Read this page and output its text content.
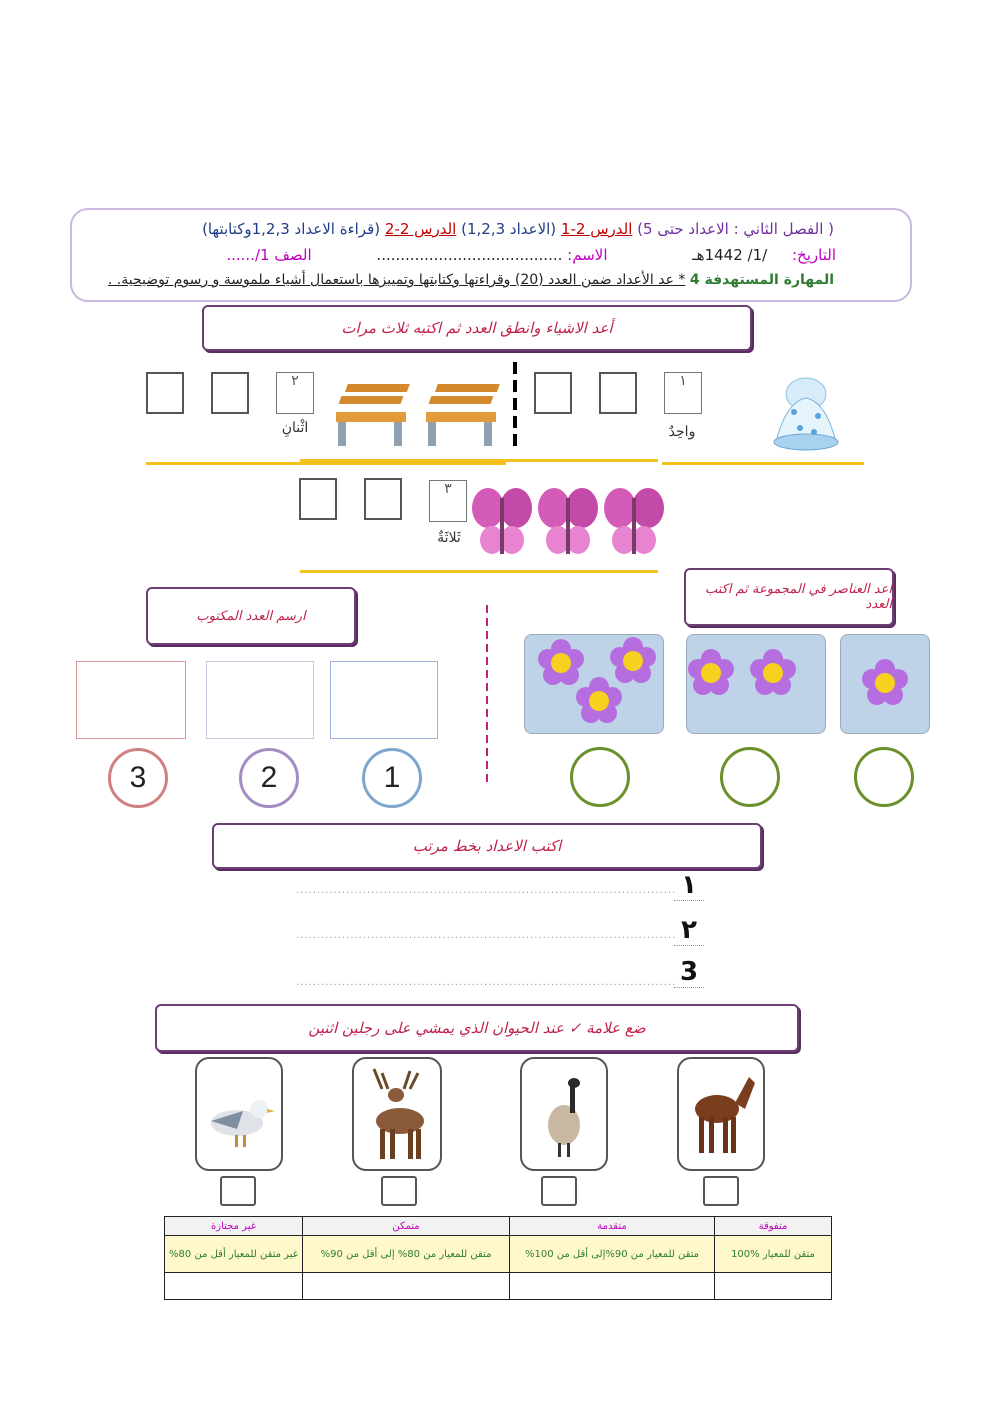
( الفصل الثاني : الاعداد حتى 5) الدرس 2-1 (الاعداد 1,2,3) الدرس 2-2 (قراءة الاعداد 1,2,3وكتابتها)
التاريخ: /1/ 1442هـ الاسم: ....................................... الصف 1/......
المهارة المستهدفة 4 * عد الأعداد ضمن العدد (20) وقراءتها وكتابتها وتمييزها باستعمال أشياء ملموسة و رسوم توضيحية. .
أعد الاشياء وانطق العدد ثم اكتبه ثلاث مرات
١
واحِدٌ
٢
اثْنانِ
٣
ثَلاثَةٌ
اعد العناصر في المجموعة ثم اكتب العدد
ارسم العدد المكتوب
1
2
3
اكتب الاعداد بخط مرتب
١
٢
3
............. ............. ............. ............. ............. ............. .............
............. ............. ............. ............. ............. ............. .............
............. ............. ............. ............. ............. ............. .............
ضع علامة ✓ عند الحيوان الذي يمشي على رجلين اثنين
متفوقة	متقدمة	متمكن	غير مجتازة
متقن للمعيار %100	متقن للمعيار من 90%إلى أقل من 100%	متقن للمعيار من 80% إلى أقل من 90%	غير متقن للمعيار أقل من 80%
